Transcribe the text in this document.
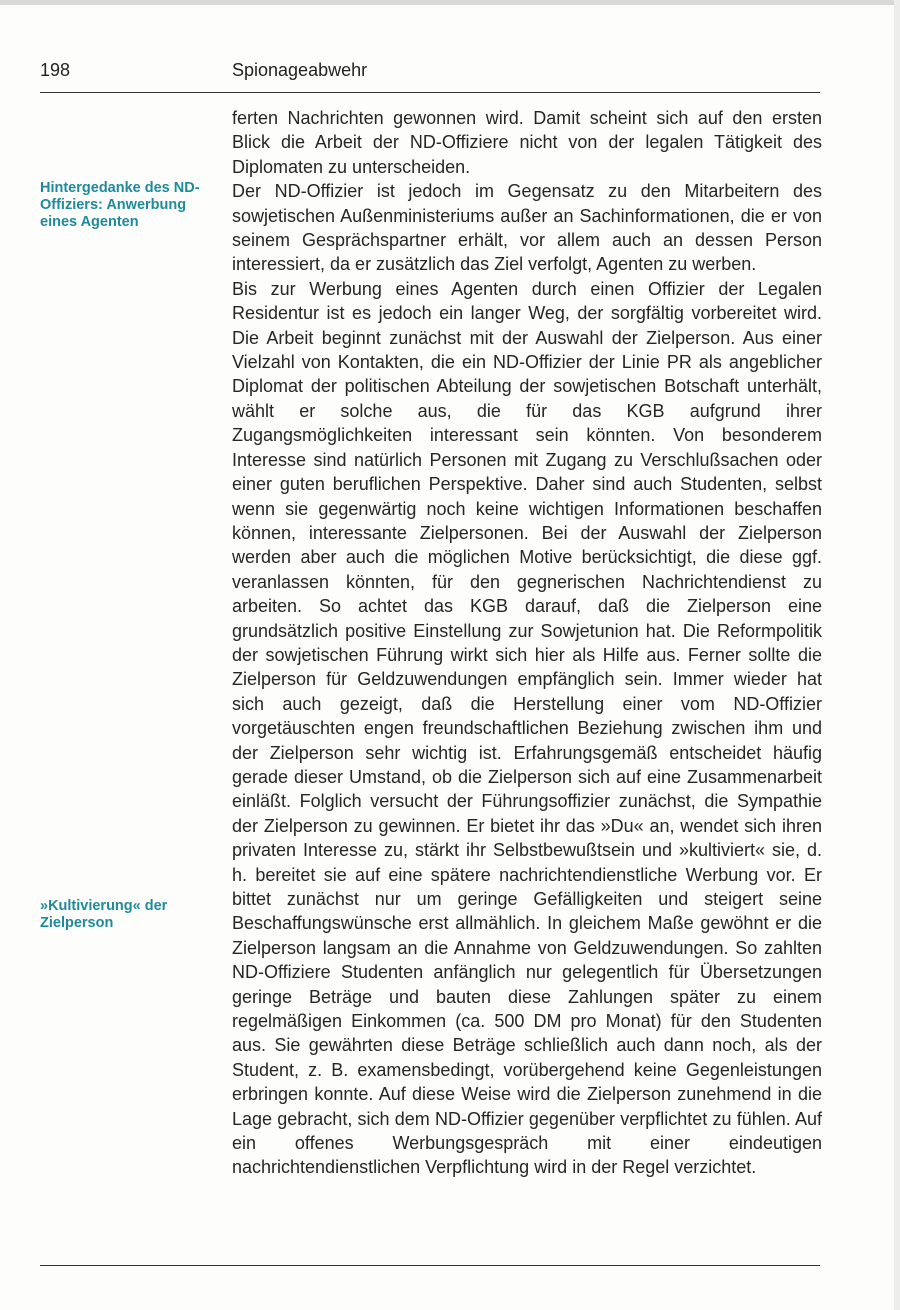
198	Spionageabwehr
Hintergedanke des ND-Offiziers: Anwerbung eines Agenten
»Kultivierung« der Zielperson

ferten Nachrichten gewonnen wird. Damit scheint sich auf den ersten Blick die Arbeit der ND-Offiziere nicht von der legalen Tätigkeit des Diplomaten zu unterscheiden.

Der ND-Offizier ist jedoch im Gegensatz zu den Mitarbeitern des sowjetischen Außenministeriums außer an Sachinformationen, die er von seinem Gesprächspartner erhält, vor allem auch an dessen Person interessiert, da er zusätzlich das Ziel verfolgt, Agenten zu werben.

Bis zur Werbung eines Agenten durch einen Offizier der Legalen Residentur ist es jedoch ein langer Weg, der sorgfältig vorbereitet wird. Die Arbeit beginnt zunächst mit der Auswahl der Zielperson. Aus einer Vielzahl von Kontakten, die ein ND-Offizier der Linie PR als angeblicher Diplomat der politischen Abteilung der sowjetischen Botschaft unterhält, wählt er solche aus, die für das KGB aufgrund ihrer Zugangsmöglichkeiten interessant sein könnten. Von besonderem Interesse sind natürlich Personen mit Zugang zu Verschlußsachen oder einer guten beruflichen Perspektive. Daher sind auch Studenten, selbst wenn sie gegenwärtig noch keine wichtigen Informationen beschaffen können, interessante Zielpersonen. Bei der Auswahl der Zielperson werden aber auch die möglichen Motive berücksichtigt, die diese ggf. veranlassen könnten, für den gegnerischen Nachrichtendienst zu arbeiten. So achtet das KGB darauf, daß die Zielperson eine grundsätzlich positive Einstellung zur Sowjetunion hat. Die Reformpolitik der sowjetischen Führung wirkt sich hier als Hilfe aus. Ferner sollte die Zielperson für Geldzuwendungen empfänglich sein. Immer wieder hat sich auch gezeigt, daß die Herstellung einer vom ND-Offizier vorgetäuschten engen freundschaftlichen Beziehung zwischen ihm und der Zielperson sehr wichtig ist. Erfahrungsgemäß entscheidet häufig gerade dieser Umstand, ob die Zielperson sich auf eine Zusammenarbeit einläßt. Folglich versucht der Führungsoffizier zunächst, die Sympathie der Zielperson zu gewinnen. Er bietet ihr das »Du« an, wendet sich ihren privaten Interesse zu, stärkt ihr Selbstbewußtsein und »kultiviert« sie, d. h. bereitet sie auf eine spätere nachrichtendienstliche Werbung vor. Er bittet zunächst nur um geringe Gefälligkeiten und steigert seine Beschaffungswünsche erst allmählich. In gleichem Maße gewöhnt er die Zielperson langsam an die Annahme von Geldzuwendungen. So zahlten ND-Offiziere Studenten anfänglich nur gelegentlich für Übersetzungen geringe Beträge und bauten diese Zahlungen später zu einem regelmäßigen Einkommen (ca. 500 DM pro Monat) für den Studenten aus. Sie gewährten diese Beträge schließlich auch dann noch, als der Student, z. B. examensbedingt, vorübergehend keine Gegenleistungen erbringen konnte. Auf diese Weise wird die Zielperson zunehmend in die Lage gebracht, sich dem ND-Offizier gegenüber verpflichtet zu fühlen. Auf ein offenes Werbungsgespräch mit einer eindeutigen nachrichtendienstlichen Verpflichtung wird in der Regel verzichtet.
